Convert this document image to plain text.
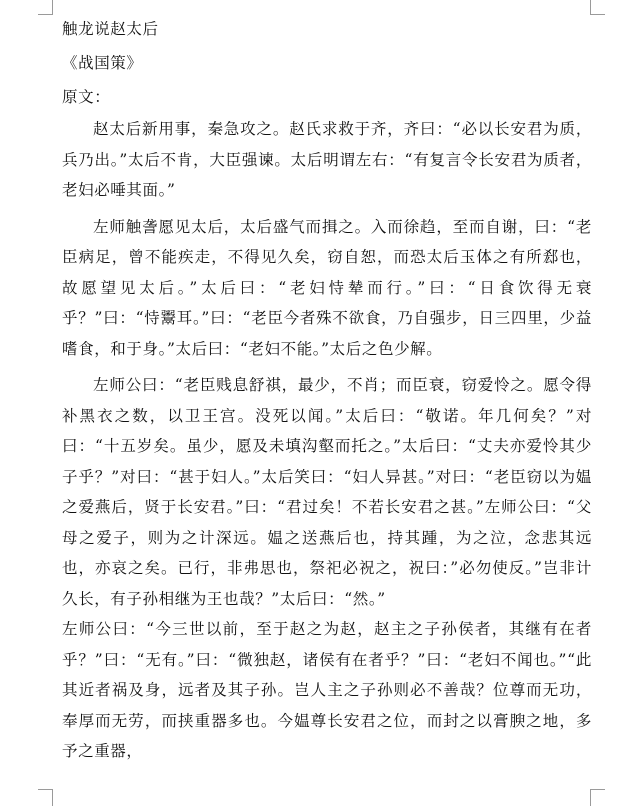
触龙说赵太后
《战国策》
原文：

赵太后新用事，秦急攻之。赵氏求救于齐，齐曰：“必以长安君为质，兵乃出。”太后不肯，大臣强谏。太后明谓左右：“有复言令长安君为质者，老妇必唾其面。”

左师触詟愿见太后，太后盛气而揖之。入而徐趋，至而自谢，曰：“老臣病足，曾不能疾走，不得见久矣，窃自恕，而恐太后玉体之有所郄也，故愿望见太后。”太后曰：“老妇恃辇而行。”曰：“日食饮得无衰乎？”曰：“恃鬻耳。”曰：“老臣今者殊不欲食，乃自强步，日三四里，少益嗜食，和于身。”太后曰：“老妇不能。”太后之色少解。

左师公曰：“老臣贱息舒祺，最少，不肖；而臣衰，窃爱怜之。愿令得补黑衣之数，以卫王宫。没死以闻。”太后曰：“敬诺。年几何矣？”对曰：“十五岁矣。虽少，愿及未填沟壑而托之。”太后曰：“丈夫亦爱怜其少子乎？”对曰：“甚于妇人。”太后笑曰：“妇人异甚。”对曰：“老臣窃以为媪之爱燕后，贤于长安君。”曰：“君过矣！不若长安君之甚。”左师公曰：“父母之爱子，则为之计深远。媪之送燕后也，持其踵，为之泣，念悲其远也，亦哀之矣。已行，非弗思也，祭祀必祝之，祝曰：”必勿使反。”岂非计久长，有子孙相继为王也哉？”太后曰：“然。”

左师公曰：“今三世以前，至于赵之为赵，赵主之子孙侯者，其继有在者乎？”曰：“无有。”曰：“微独赵，诸侯有在者乎？”曰：“老妇不闻也。”“此其近者祸及身，远者及其子孙。岂人主之子孙则必不善哉？位尊而无功，奉厚而无劳，而挟重器多也。今媪尊长安君之位，而封之以膏腴之地，多予之重器，
